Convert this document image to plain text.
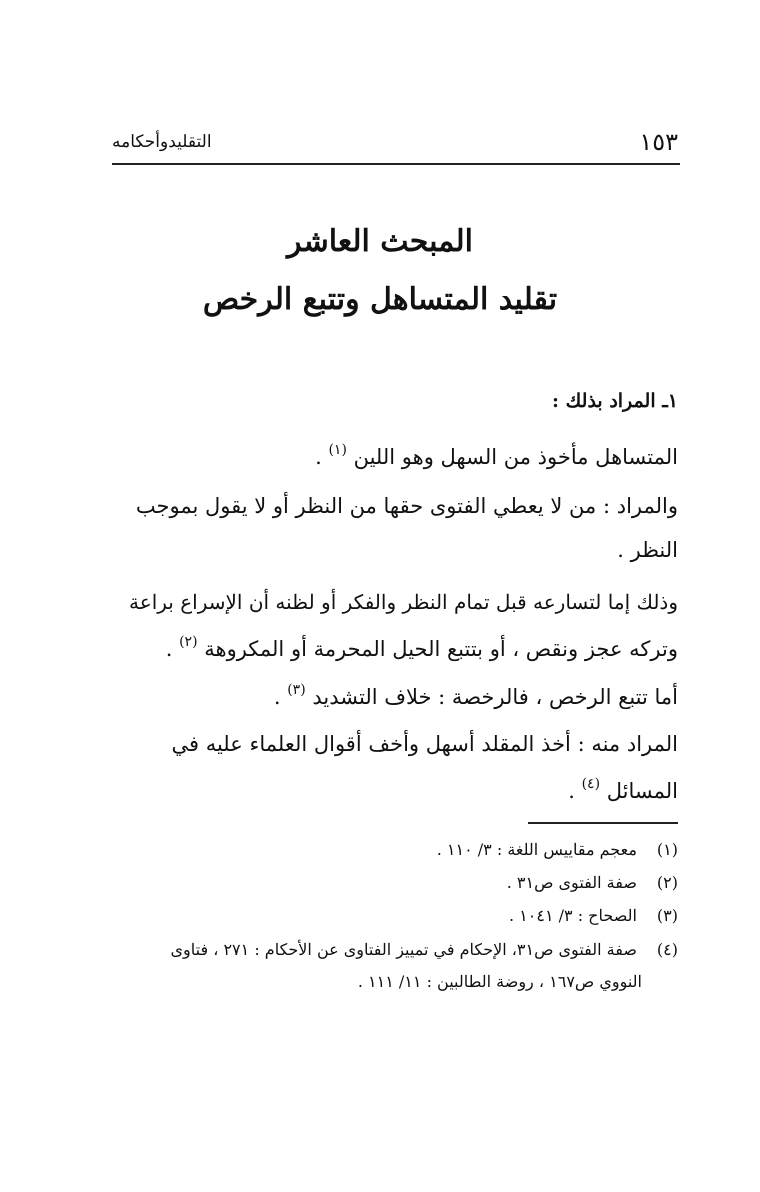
التقليدوأحكامه	١٥٣
المبحث العاشر
تقليد المتساهل وتتبع الرخص
١ـ المراد بذلك :
المتساهل مأخوذ من السهل وهو اللين $^{(١)}$ .
والمراد : من لا يعطي الفتوى حقها من النظر أو لا يقول بموجب
النظر .
وذلك إما لتسارعه قبل تمام النظر والفكر أو لظنه أن الإسراع براعة
وتركه عجز ونقص ، أو بتتبع الحيل المحرمة أو المكروهة $^{(٢)}$ .
أما تتبع الرخص ، فالرخصة : خلاف التشديد $^{(٣)}$ .
المراد منه : أخذ المقلد أسهل وأخف أقوال العلماء عليه في
المسائل $^{(٤)}$ .
(١) معجم مقاييس اللغة : ٣/ ١١٠ .
(٢) صفة الفتوى ص٣١ .
(٣) الصحاح : ٣/ ١٠٤١ .
(٤) صفة الفتوى ص٣١، الإحكام في تمييز الفتاوى عن الأحكام : ٢٧١ ، فتاوى
النووي ص١٦٧ ، روضة الطالبين : ١١/ ١١١ .
